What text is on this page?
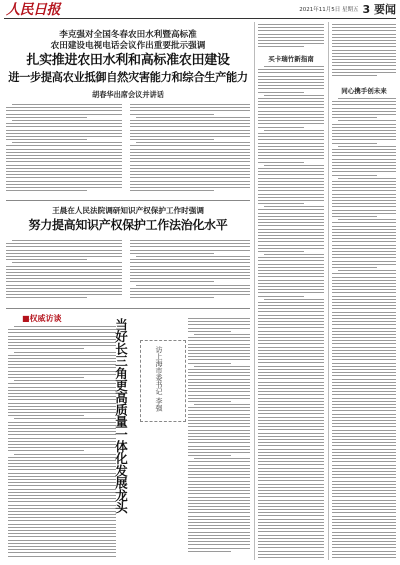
人民日报	2021年11月5日 星期五 3 要闻
李克强对全国冬春农田水利暨高标准
农田建设电视电话会议作出重要批示强调
扎实推进农田水利和高标准农田建设
进一步提高农业抵御自然灾害能力和综合生产能力
胡春华出席会议并讲话
王晨在人民法院调研知识产权保护工作时强调
努力提高知识产权保护工作法治化水平
■权威访谈	当好长三角更高质量一体化发展龙头	访上海市委书记 李强
买卡瑞竹新指南
同心携手创未来
